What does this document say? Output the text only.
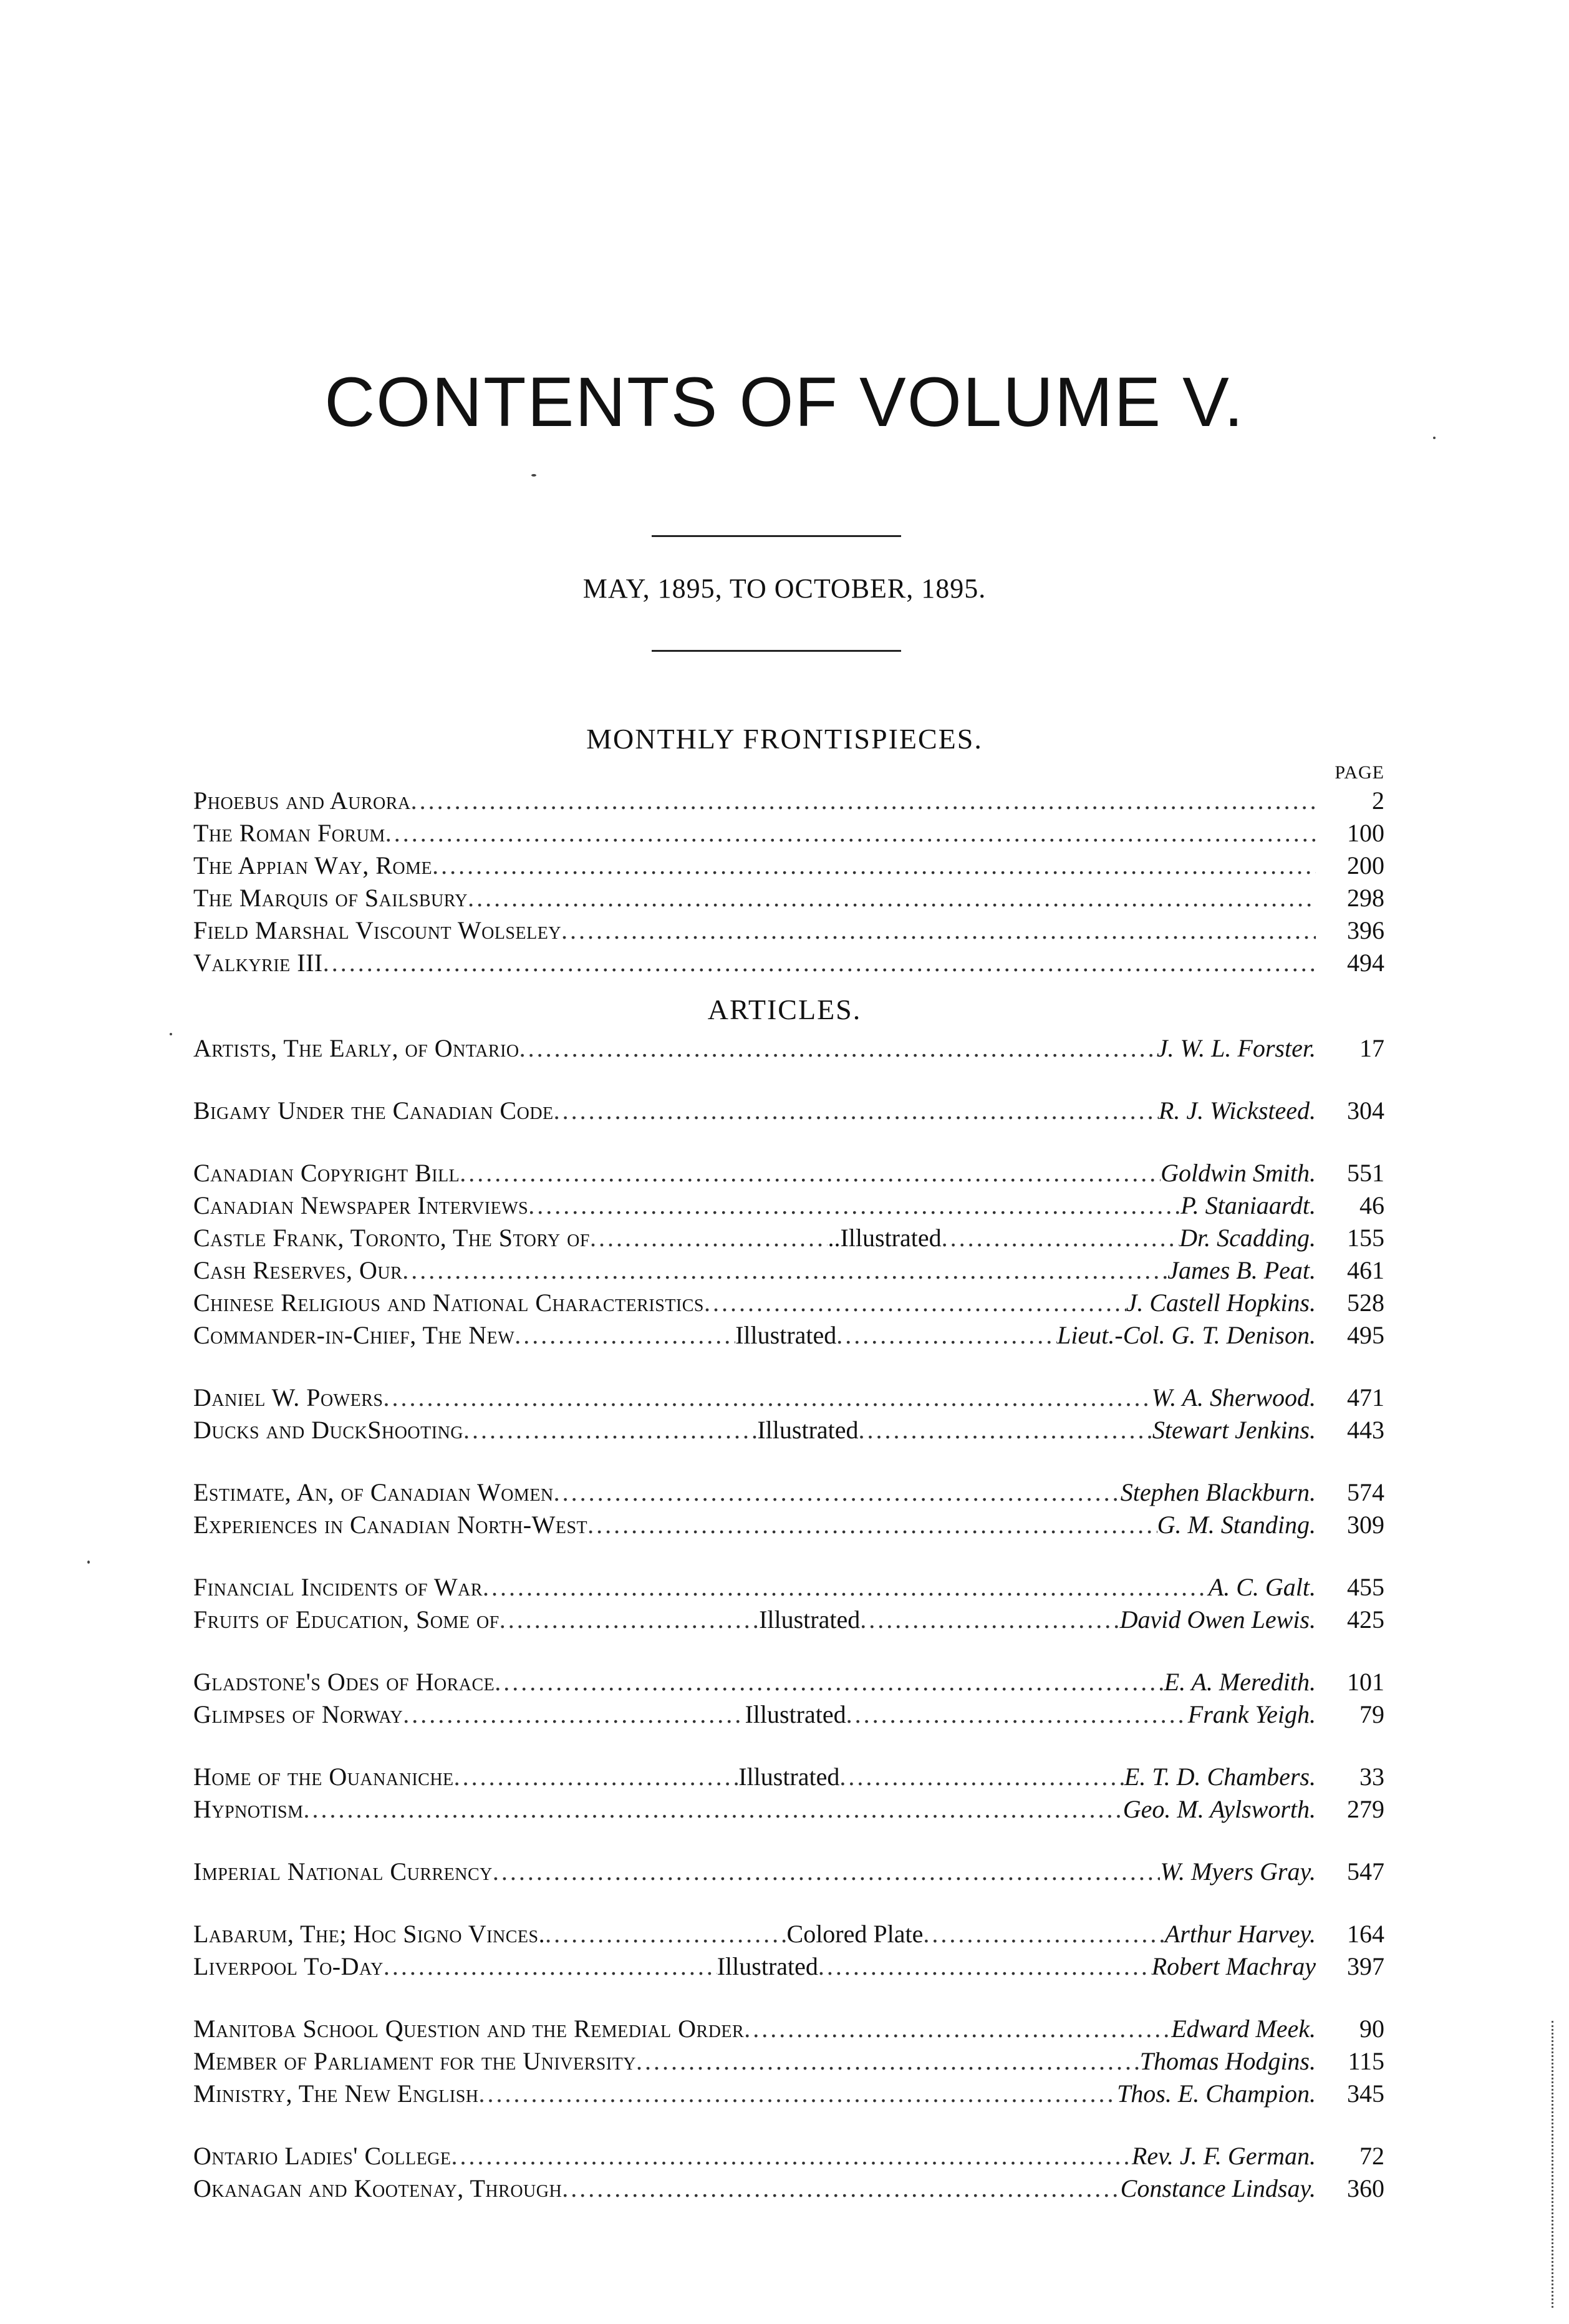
CONTENTS OF VOLUME V.
MAY, 1895, TO OCTOBER, 1895.
MONTHLY FRONTISPIECES.
PAGE
Phoebus and Aurora .....	2
The Roman Forum .....	100
The Appian Way, Rome .....	200
The Marquis of Sailsbury .....	298
Field Marshal Viscount Wolseley .....	396
Valkyrie III .....	494
ARTICLES.
Artists, The Early, of Ontario .....	J. W. L. Forster.	17
Bigamy Under the Canadian Code .....	R. J. Wicksteed.	304
Canadian Copyright Bill .....	Goldwin Smith.	551
Canadian Newspaper Interviews .....	P. Staniaardt.	46
Castle Frank, Toronto, The Story of .....	..Illustrated .....	Dr. Scadding.	155
Cash Reserves, Our .....	James B. Peat.	461
Chinese Religious and National Characteristics .....	J. Castell Hopkins.	528
Commander-in-Chief, The New .....	Illustrated .....	Lieut.-Col. G. T. Denison.	495
Daniel W. Powers .....	W. A. Sherwood.	471
Ducks and DuckShooting .....	Illustrated .....	Stewart Jenkins.	443
Estimate, An, of Canadian Women .....	Stephen Blackburn.	574
Experiences in Canadian North-West .....	G. M. Standing.	309
Financial Incidents of War .....	A. C. Galt.	455
Fruits of Education, Some of .....	Illustrated .....	David Owen Lewis.	425
Gladstone's Odes of Horace .....	E. A. Meredith.	101
Glimpses of Norway .....	Illustrated .....	Frank Yeigh.	79
Home of the Ouananiche .....	Illustrated .....	E. T. D. Chambers.	33
Hypnotism .....	Geo. M. Aylsworth.	279
Imperial National Currency .....	W. Myers Gray.	547
Labarum, The; Hoc Signo Vinces. .....	Colored Plate .....	Arthur Harvey.	164
Liverpool To-Day .....	Illustrated .....	Robert Machray	397
Manitoba School Question and the Remedial Order .....	Edward Meek.	90
Member of Parliament for the University .....	Thomas Hodgins.	115
Ministry, The New English .....	Thos. E. Champion.	345
Ontario Ladies' College .....	Rev. J. F. German.	72
Okanagan and Kootenay, Through .....	Constance Lindsay.	360
